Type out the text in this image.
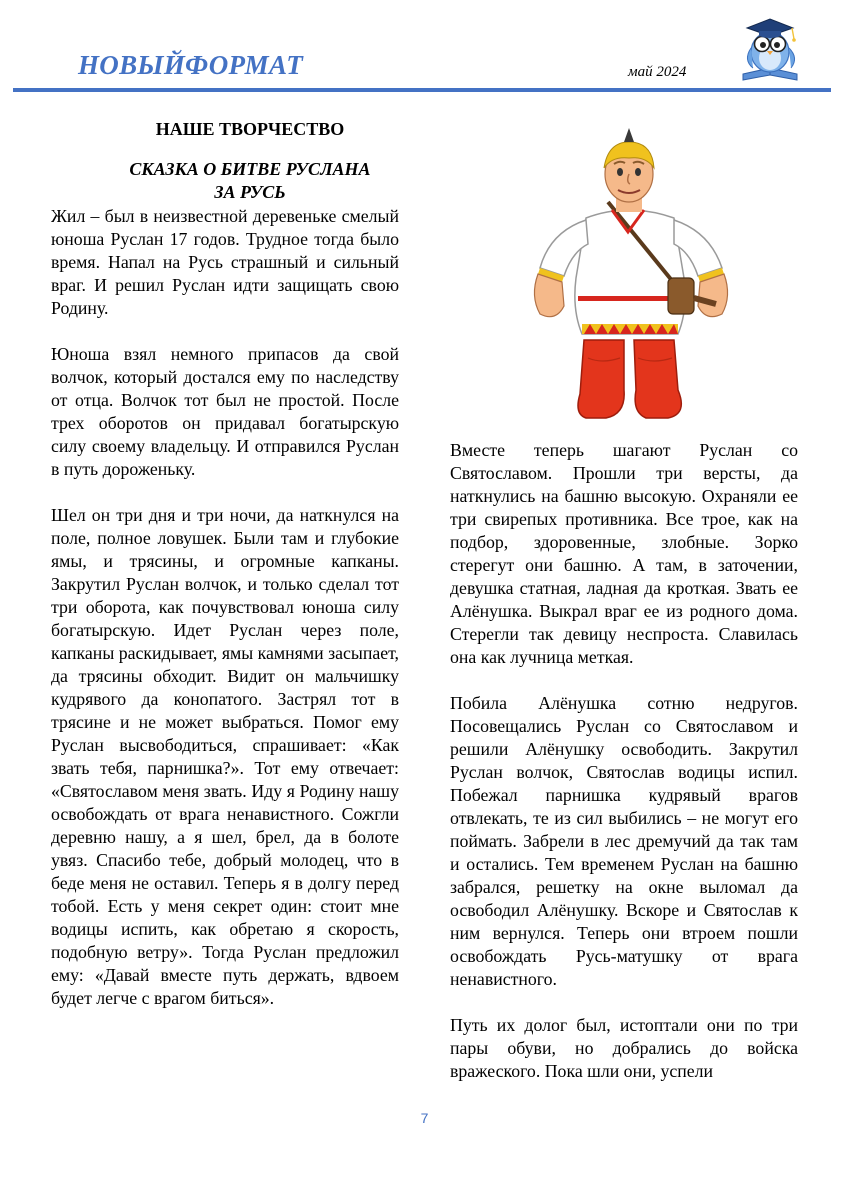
НОВЫЙФОРМАТ	май 2024
НАШЕ ТВОРЧЕСТВО
СКАЗКА О БИТВЕ РУСЛАНА
ЗА РУСЬ

Жил – был в неизвестной деревеньке смелый юноша Руслан 17 годов. Трудное тогда было время. Напал на Русь страшный и сильный враг. И решил Руслан идти защищать свою Родину.

Юноша взял немного припасов да свой волчок, который достался ему по наследству от отца. Волчок тот был не простой. После трех оборотов он придавал богатырскую силу своему владельцу. И отправился Руслан в путь дороженьку.

Шел он три дня и три ночи, да наткнулся на поле, полное ловушек. Были там и глубокие ямы, и трясины, и огромные капканы. Закрутил Руслан волчок, и только сделал тот три оборота, как почувствовал юноша силу богатырскую. Идет Руслан через поле, капканы раскидывает, ямы камнями засыпает, да трясины обходит. Видит он мальчишку кудрявого да конопатого. Застрял тот в трясине и не может выбраться. Помог ему Руслан высвободиться, спрашивает: «Как звать тебя, парнишка?». Тот ему отвечает: «Святославом меня звать. Иду я Родину нашу освобождать от врага ненавистного. Сожгли деревню нашу, а я шел, брел, да в болоте увяз. Спасибо тебе, добрый молодец, что в беде меня не оставил. Теперь я в долгу перед тобой. Есть у меня секрет один: стоит мне водицы испить, как обретаю я скорость, подобную ветру». Тогда Руслан предложил ему: «Давай вместе путь держать, вдвоем будет легче с врагом биться».

Вместе теперь шагают Руслан со Святославом. Прошли три версты, да наткнулись на башню высокую. Охраняли ее три свирепых противника. Все трое, как на подбор, здоровенные, злобные. Зорко стерегут они башню. А там, в заточении, девушка статная, ладная да кроткая. Звать ее Алёнушка. Выкрал враг ее из родного дома. Стерегли так девицу неспроста. Славилась она как лучница меткая.

Побила Алёнушка сотню недругов. Посовещались Руслан со Святославом и решили Алёнушку освободить. Закрутил Руслан волчок, Святослав водицы испил. Побежал парнишка кудрявый врагов отвлекать, те из сил выбились – не могут его поймать. Забрели в лес дремучий да так там и остались. Тем временем Руслан на башню забрался, решетку на окне выломал да освободил Алёнушку. Вскоре и Святослав к ним вернулся. Теперь они втроем пошли освобождать Русь-матушку от врага ненавистного.

Путь их долог был, истоптали они по три пары обуви, но добрались до войска вражеского. Пока шли они, успели

7
